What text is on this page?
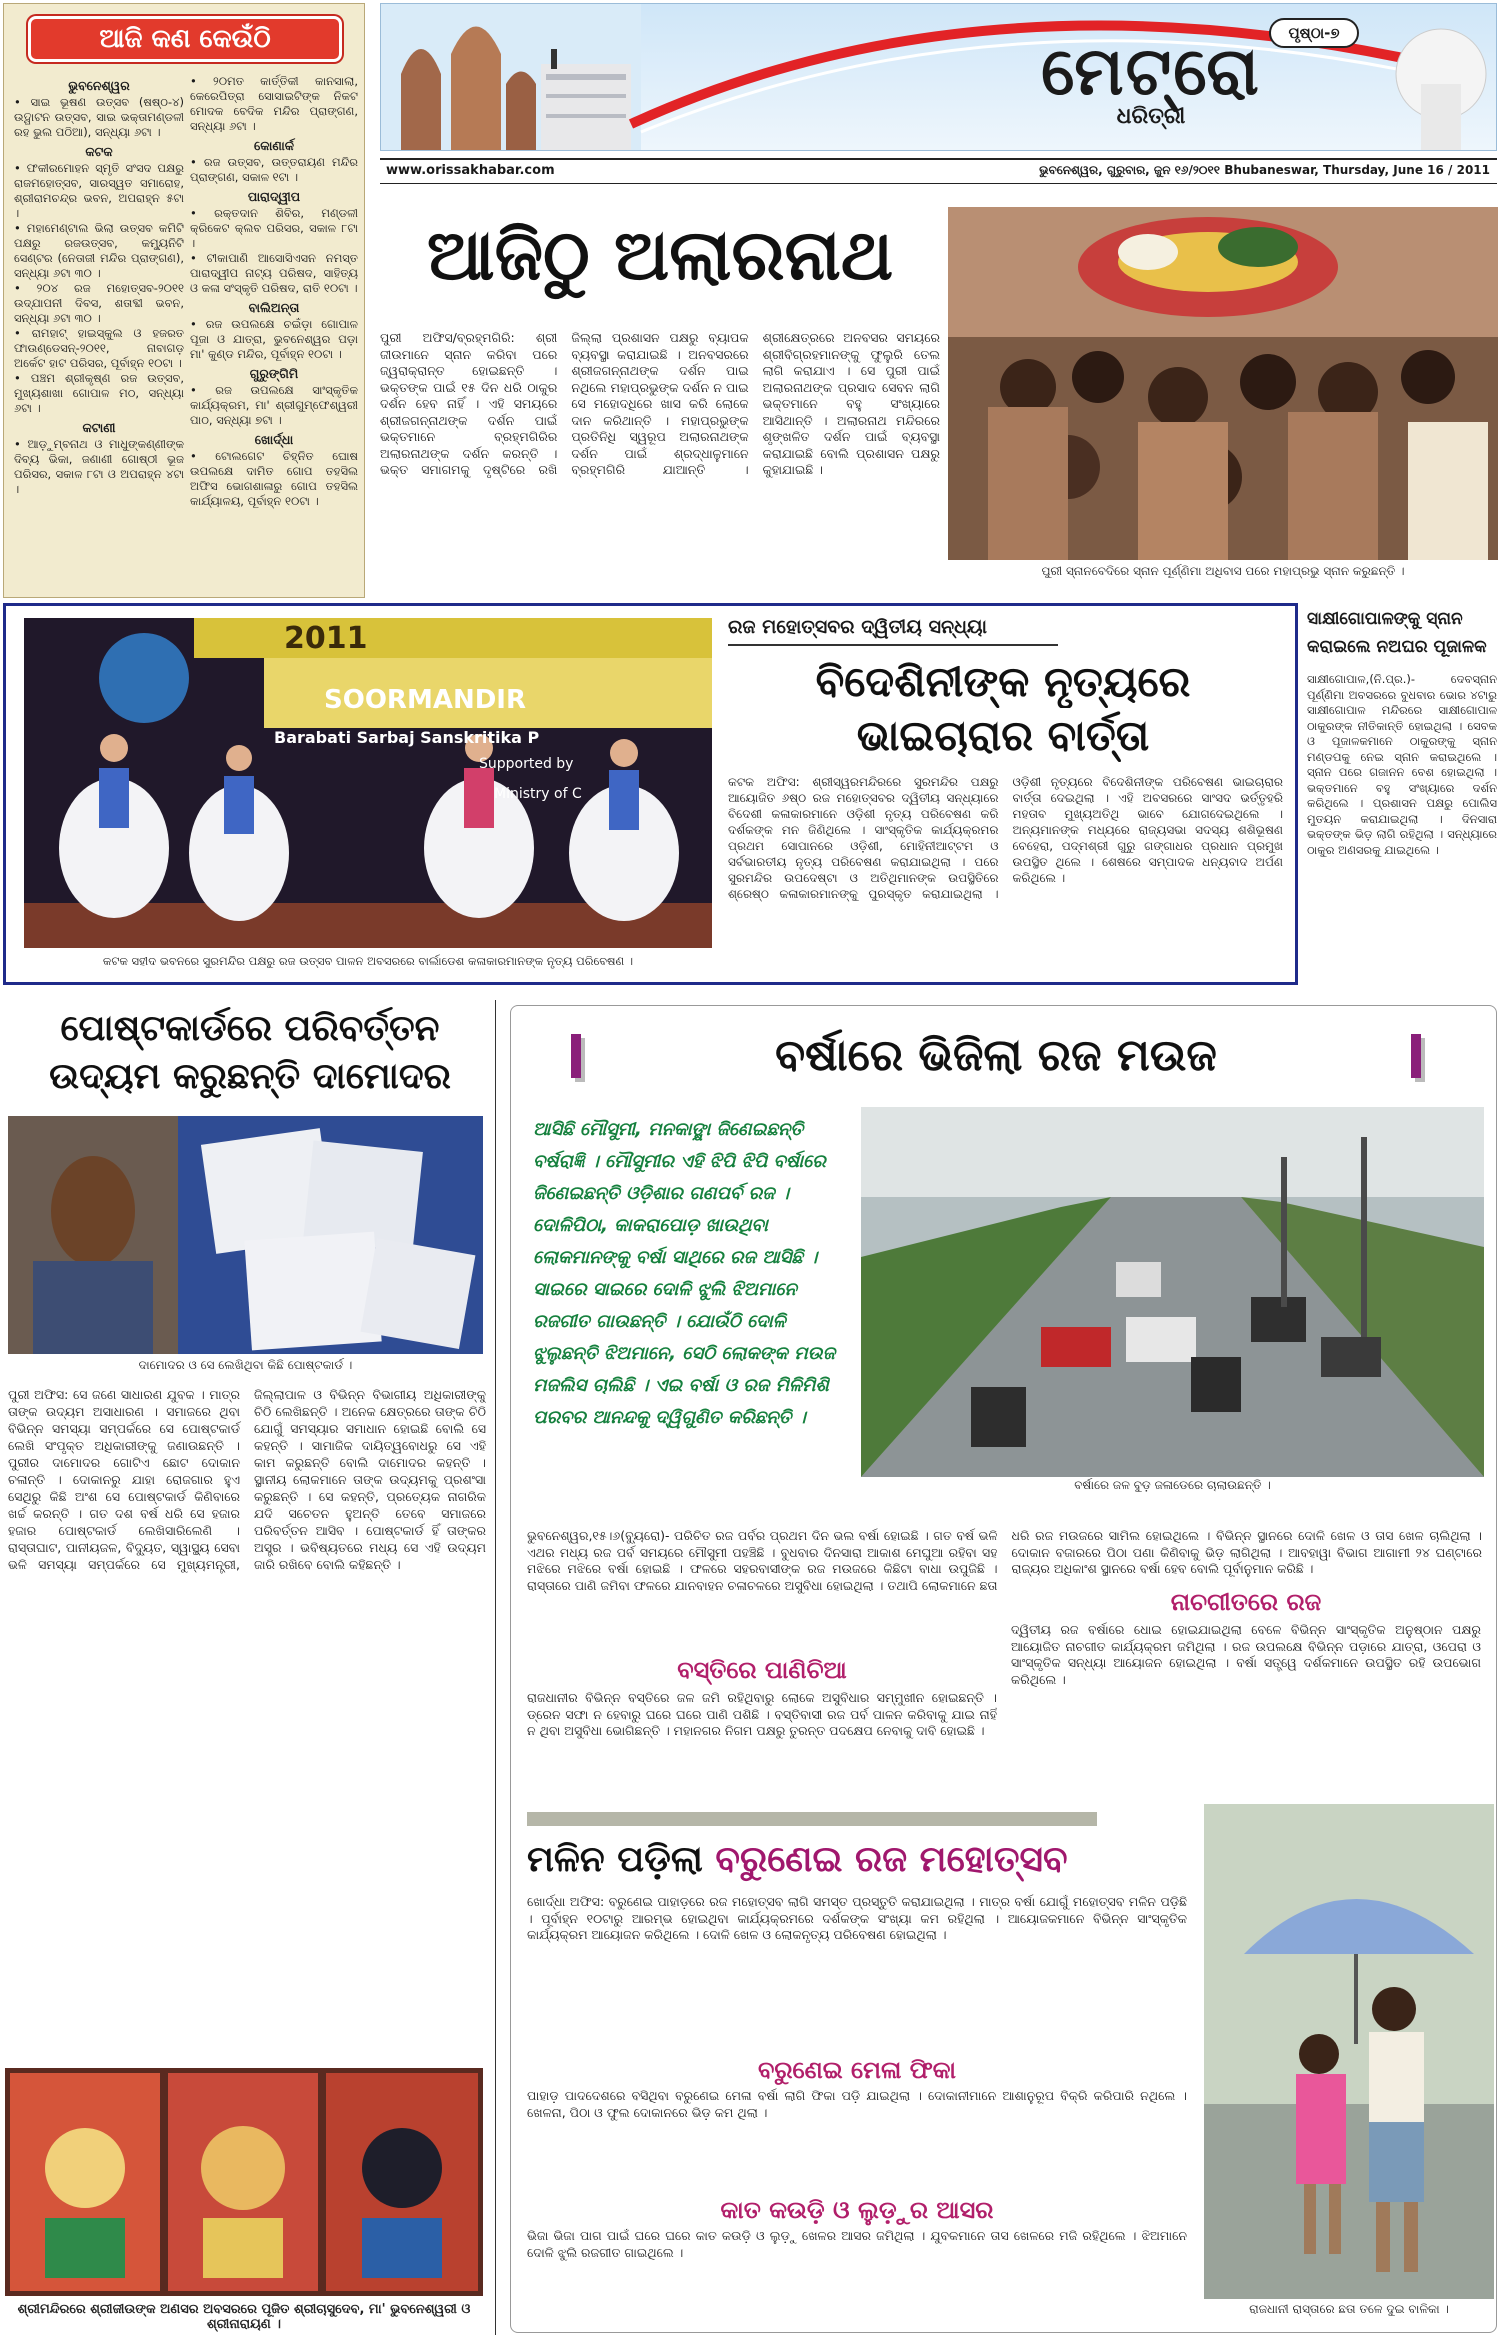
ଆଜି କଣ କେଉଁଠି
ଭୁବନେଶ୍ୱର
• ସାଇ ଭୂଷଣ ଉତ୍ସବ (ଷଷ୍ଠ-୪) ଉଦ୍ଘାଟନ ଉତ୍ସବ, ସାଇ ଭକ୍ତାମଣ୍ଡଳୀ ରହ ଭୁଲ ପଠିଆ), ସନ୍ଧ୍ୟା ୬ଟା ।
କଟକ
• ଫକୀରମୋହନ ସ୍ମୃତି ସଂସଦ ପକ୍ଷରୁ ରାଜମହୋତ୍ସବ, ସାରସ୍ୱତ ସମାରୋହ, ଶ୍ରୀରାମଚନ୍ଦ୍ର ଭବନ, ଅପରାହ୍ନ ୫ଟା ।
• ମହାମେଣ୍ଟାଲ ଭିଲା ଉତ୍ସବ କମିଟି ପକ୍ଷରୁ ରଜଉତ୍ସବ, କମ୍ୟୁନିଟି ସେଣ୍ଟର (ନେତାଜୀ ମନ୍ଦିର ପ୍ରାଙ୍ଗଣ), ସନ୍ଧ୍ୟା ୬ଟା ୩୦ ।
• ୨୦୪ ରଜ ମହୋତ୍ସବ-୨୦୧୧ ଉଦ୍ଯାପନୀ ଦିବସ, ଶତାବ୍ଦୀ ଭବନ, ସନ୍ଧ୍ୟା ୬ଟା ୩୦ ।
• ରାମହାଟ୍ ହାଇସ୍କୁଲ ଓ ହଜରତ ଫାଉଣ୍ଡେସନ୍-୨୦୧୧, ନାବାଗଡ଼ ଅର୍କେଟ ହାଟ ପରିସର, ପୂର୍ବାହ୍ନ ୧୦ଟା ।
• ପଞ୍ଚମ ଶ୍ରୀକୃଷ୍ଣ ରଜ ଉତ୍ସବ, ମୁଖ୍ୟଶାଖା ଗୋପାଳ ମଠ, ସନ୍ଧ୍ୟା ୬ଟା ।
କଟାଣୀ
• ଆଡ଼ୁମ୍ବନାଥ ଓ ମାଧୁଙ୍କଣ୍ଣୀଙ୍କ ଦିବ୍ୟ ଭିକା, ଜଣାଣୀ ଗୋଷ୍ଠୀ ଭୂଜ ପରିସର, ସକାଳ ୮ଟା ଓ ଅପରାହ୍ନ ୪ଟା ।
• ୨୦ମତ କାର୍ତ୍ତିକୀ କାନସାଲା, କେରେପିତ୍ରା ସୋସାଇଟିଙ୍କ ନିକଟ ମୋଦକ ବେଦିକ ମନ୍ଦିର ପ୍ରାଙ୍ଗଣ, ସନ୍ଧ୍ୟା ୬ଟା ।
କୋଣାର୍କ
• ରଜ ଉତ୍ସବ, ଉତ୍ତରାୟଣ ମନ୍ଦିର ପ୍ରାଙ୍ଗଣ, ସକାଳ ୧ଟା ।
ପାରାଦ୍ୱୀପ
• ରକ୍ତଦାନ ଶିବିର, ମଣ୍ଡଳୀ କ୍ରିକେଟ କ୍ଲବ ପରିସର, ସକାଳ ୮ଟା ।
• ଟୀକାପାଣି ଆସୋସିଏସନ ନମସ୍ତ ପାରାଦ୍ୱୀପ ନାଟ୍ୟ ପରିଷଦ, ସାହିତ୍ୟ ଓ କଳା ସଂସ୍କୃତି ପରିଷଦ, ରାତି ୧୦ଟା ।
ବାଲିଅନ୍ତା
• ରଜ ଉପଲକ୍ଷେ ଚଇଁଡ଼ା ଗୋପାଳ ପୂଜା ଓ ଯାତ୍ରା, ଭୁବନେଶ୍ୱର ପଡ଼ା ମା' କୁଣ୍ଡ ମନ୍ଦିର, ପୂର୍ବାହ୍ନ ୧୦ଟା ।
ଗୁରୁଙ୍ଗିମି
• ରଜ ଉପଲକ୍ଷେ ସାଂସ୍କୃତିକ କାର୍ଯ୍ୟକ୍ରମ, ମା' ଶ୍ରୀଗୁମ୍ଫେଶ୍ୱରୀ ପାଠ, ସନ୍ଧ୍ୟା ୭ଟା ।
ଖୋର୍ଦ୍ଧା
• ଟୋଲଗେଟ ଚିହ୍ନିତ ଘୋଷ ଉପଲକ୍ଷେ ଦାମିତ ଗୋପ ତହସିଲ ଅଫିସ ଭୋଗଶାଳାରୁ ଗୋପ ତହସିଲ କାର୍ଯ୍ୟାଳୟ, ପୂର୍ବାହ୍ନ ୧୦ଟା ।
ମେଟ୍ରୋ
ଧରିତ୍ରୀ
ପୃଷ୍ଠା-୭
www.orissakhabar.com	ଭୁବନେଶ୍ୱର, ଗୁରୁବାର, ଜୁନ ୧୬/୨୦୧୧ Bhubaneswar, Thursday, June 16 / 2011
ଆଜିଠୁ ଅଲାରନାଥ
ପୁରୀ ଅଫିସ/ବ୍ରହ୍ମଗିରି: ଶ୍ରୀ ଜୀଉମାନେ ସ୍ନାନ କରିବା ପରେ ଜ୍ୱରାକ୍ରାନ୍ତ ହୋଇଛନ୍ତି । ଭକ୍ତଙ୍କ ପାଇଁ ୧୫ ଦିନ ଧରି ଠାକୁର ଦର୍ଶନ ହେବ ନାହିଁ । ଏହି ସମୟରେ ଶ୍ରୀଜଗନ୍ନାଥଙ୍କ ଦର୍ଶନ ପାଇଁ ଭକ୍ତମାନେ ବ୍ରହ୍ମଗିରିର ଅଲାରନାଥଙ୍କ ଦର୍ଶନ କରନ୍ତି । ଭକ୍ତ ସମାଗମକୁ ଦୃଷ୍ଟିରେ ରଖି ଜିଲ୍ଲା ପ୍ରଶାସନ ପକ୍ଷରୁ ବ୍ୟାପକ ବ୍ୟବସ୍ଥା କରାଯାଇଛି । ଅନବସରରେ ଶ୍ରୀଜଗନ୍ନାଥଙ୍କ ଦର୍ଶନ ପାଇ ନଥିଲେ ମହାପ୍ରଭୁଙ୍କ ଦର୍ଶନ ନ ପାଇ ସେ ମହୋଦଧିରେ ଖାସ କରି ଲୋକେ ଦାନ କରିଥାନ୍ତି । ମହାପ୍ରଭୁଙ୍କ ପ୍ରତିନିଧି ସ୍ୱରୂପ ଅଲାରନାଥଙ୍କ ଦର୍ଶନ ପାଇଁ ଶ୍ରଦ୍ଧାଳୁମାନେ ବ୍ରହ୍ମଗିରି ଯାଆନ୍ତି । ଶ୍ରୀକ୍ଷେତ୍ରରେ ଅନବସର ସମୟରେ ଶ୍ରୀବିଗ୍ରହମାନଙ୍କୁ ଫୁଲୁରି ତେଲ ଲାଗି କରାଯାଏ । ସେ ପୁରୀ ପାଇଁ ଅଲାରନାଥଙ୍କ ପ୍ରସାଦ ସେବନ ଲାଗି ଭକ୍ତମାନେ ବହୁ ସଂଖ୍ୟାରେ ଆସିଥାନ୍ତି । ଅଲାରନାଥ ମନ୍ଦିରରେ ଶୃଙ୍ଖଳିତ ଦର୍ଶନ ପାଇଁ ବ୍ୟବସ୍ଥା କରାଯାଇଛି ବୋଲି ପ୍ରଶାସନ ପକ୍ଷରୁ କୁହାଯାଇଛି ।
ପୁରୀ ସ୍ନାନବେଦିରେ ସ୍ନାନ ପୂର୍ଣ୍ଣିମା ଅଧିବାସ ପରେ ମହାପ୍ରଭୁ ସ୍ନାନ କରୁଛନ୍ତି ।
2011
SOORMANDIR
Barabati Sarbaj Sanskritika P
Supported by
Ministry of C
କଟକ ସହୀଦ ଭବନରେ ସୁରମନ୍ଦିର ପକ୍ଷରୁ ରଜ ଉତ୍ସବ ପାଳନ ଅବସରରେ ବାର୍ଲାଡେଶ କଳାକାରମାନଙ୍କ ନୃତ୍ୟ ପରିବେଷଣ ।
ରଜ ମହୋତ୍ସବର ଦ୍ୱିତୀୟ ସନ୍ଧ୍ୟା
ବିଦେଶିନୀଙ୍କ ନୃତ୍ୟରେ
ଭାଇଚାରାର ବାର୍ତ୍ତା
କଟକ ଅଫିସ: ଶ୍ରୀସ୍ୱରମନ୍ଦିରରେ ସୁରମନ୍ଦିର ପକ୍ଷରୁ ଆୟୋଜିତ ୬ଷ୍ଠ ରଜ ମହୋତ୍ସବର ଦ୍ୱିତୀୟ ସନ୍ଧ୍ୟାରେ ବିଦେଶୀ କଳାକାରମାନେ ଓଡ଼ିଶୀ ନୃତ୍ୟ ପରିବେଷଣ କରି ଦର୍ଶକଙ୍କ ମନ ଜିଣିଥିଲେ । ସାଂସ୍କୃତିକ କାର୍ଯ୍ୟକ୍ରମର ପ୍ରଥମ ସୋପାନରେ ଓଡ଼ିଶୀ, ମୋହିନୀଆଟ୍ଟମ ଓ ସର୍ବଭାରତୀୟ ନୃତ୍ୟ ପରିବେଷଣ କରାଯାଇଥିଲା । ପରେ ସୁରମନ୍ଦିର ଉପଦେଷ୍ଟା ଓ ଅତିଥିମାନଙ୍କ ଉପସ୍ଥିତିରେ ଶ୍ରେଷ୍ଠ କଳାକାରମାନଙ୍କୁ ପୁରସ୍କୃତ କରାଯାଇଥିଲା । ଓଡ଼ିଶୀ ନୃତ୍ୟରେ ବିଦେଶିନୀଙ୍କ ପରିବେଷଣ ଭାଇଚାରାର ବାର୍ତ୍ତା ଦେଇଥିଲା । ଏହି ଅବସରରେ ସାଂସଦ ଭର୍ତ୍ତୃହରି ମହତାବ ମୁଖ୍ୟଅତିଥି ଭାବେ ଯୋଗଦେଇଥିଲେ । ଅନ୍ୟମାନଙ୍କ ମଧ୍ୟରେ ରାଜ୍ୟସଭା ସଦସ୍ୟ ଶଶିଭୂଷଣ ବେହେରା, ପଦ୍ମଶ୍ରୀ ଗୁରୁ ଗଙ୍ଗାଧର ପ୍ରଧାନ ପ୍ରମୁଖ ଉପସ୍ଥିତ ଥିଲେ । ଶେଷରେ ସମ୍ପାଦକ ଧନ୍ୟବାଦ ଅର୍ପଣ କରିଥିଲେ ।
ସାକ୍ଷୀଗୋପାଳଙ୍କୁ ସ୍ନାନ
କରାଇଲେ ନଅଘର ପୂଜାଳକ
ସାକ୍ଷୀଗୋପାଳ,(ନି.ପ୍ର.)- ଦେବସ୍ନାନ ପୂର୍ଣ୍ଣିମା ଅବସରରେ ବୁଧବାର ଭୋର ୪ଟାରୁ ସାକ୍ଷୀଗୋପାଳ ମନ୍ଦିରରେ ସାକ୍ଷୀଗୋପାଳ ଠାକୁରଙ୍କ ନୀତିକାନ୍ତି ହୋଇଥିଲା । ସେବକ ଓ ପୂଜାଳକମାନେ ଠାକୁରଙ୍କୁ ସ୍ନାନ ମଣ୍ଡପକୁ ନେଇ ସ୍ନାନ କରାଇଥିଲେ । ସ୍ନାନ ପରେ ଗଜାନନ ବେଶ ହୋଇଥିଲା । ଭକ୍ତମାନେ ବହୁ ସଂଖ୍ୟାରେ ଦର୍ଶନ କରିଥିଲେ । ପ୍ରଶାସନ ପକ୍ଷରୁ ପୋଲିସ ମୁତୟନ କରାଯାଇଥିଲା । ଦିନସାରା ଭକ୍ତଙ୍କ ଭିଡ଼ ଲାଗି ରହିଥିଲା । ସନ୍ଧ୍ୟାରେ ଠାକୁର ଅଣସରକୁ ଯାଇଥିଲେ ।
ପୋଷ୍ଟକାର୍ଡରେ ପରିବର୍ତ୍ତନ
ଉଦ୍ୟମ କରୁଛନ୍ତି ଦାମୋଦର
ଦାମୋଦର ଓ ସେ ଲେଖିଥିବା କିଛି ପୋଷ୍ଟକାର୍ଡ ।
ପୁରୀ ଅଫିସ: ସେ ଜଣେ ସାଧାରଣ ଯୁବକ । ମାତ୍ର ତାଙ୍କ ଉଦ୍ୟମ ଅସାଧାରଣ । ସମାଜରେ ଥିବା ବିଭିନ୍ନ ସମସ୍ୟା ସମ୍ପର୍କରେ ସେ ପୋଷ୍ଟକାର୍ଡ ଲେଖି ସଂପୃକ୍ତ ଅଧିକାରୀଙ୍କୁ ଜଣାଉଛନ୍ତି । ପୁରୀର ଦାମୋଦର ଗୋଟିଏ ଛୋଟ ଦୋକାନ ଚଳାନ୍ତି । ଦୋକାନରୁ ଯାହା ରୋଜଗାର ହୁଏ ସେଥିରୁ କିଛି ଅଂଶ ସେ ପୋଷ୍ଟକାର୍ଡ କିଣିବାରେ ଖର୍ଚ୍ଚ କରନ୍ତି । ଗତ ଦଶ ବର୍ଷ ଧରି ସେ ହଜାର ହଜାର ପୋଷ୍ଟକାର୍ଡ ଲେଖିସାରିଲେଣି । ରାସ୍ତାଘାଟ, ପାନୀୟଜଳ, ବିଦ୍ୟୁତ, ସ୍ୱାସ୍ଥ୍ୟ ସେବା ଭଳି ସମସ୍ୟା ସମ୍ପର୍କରେ ସେ ମୁଖ୍ୟମନ୍ତ୍ରୀ, ଜିଲ୍ଲାପାଳ ଓ ବିଭିନ୍ନ ବିଭାଗୀୟ ଅଧିକାରୀଙ୍କୁ ଚିଠି ଲେଖିଛନ୍ତି । ଅନେକ କ୍ଷେତ୍ରରେ ତାଙ୍କ ଚିଠି ଯୋଗୁଁ ସମସ୍ୟାର ସମାଧାନ ହୋଇଛି ବୋଲି ସେ କହନ୍ତି । ସାମାଜିକ ଦାୟିତ୍ୱବୋଧରୁ ସେ ଏହି କାମ କରୁଛନ୍ତି ବୋଲି ଦାମୋଦର କହନ୍ତି । ସ୍ଥାନୀୟ ଲୋକମାନେ ତାଙ୍କ ଉଦ୍ୟମକୁ ପ୍ରଶଂସା କରୁଛନ୍ତି । ସେ କହନ୍ତି, ପ୍ରତ୍ୟେକ ନାଗରିକ ଯଦି ସଚେତନ ହୁଅନ୍ତି ତେବେ ସମାଜରେ ପରିବର୍ତ୍ତନ ଆସିବ । ପୋଷ୍ଟକାର୍ଡ ହିଁ ତାଙ୍କର ଅସ୍ତ୍ର । ଭବିଷ୍ୟତରେ ମଧ୍ୟ ସେ ଏହି ଉଦ୍ୟମ ଜାରି ରଖିବେ ବୋଲି କହିଛନ୍ତି ।
ଶ୍ରୀମନ୍ଦିରରେ ଶ୍ରୀଜୀଉଙ୍କ ଅଣସର ଅବସରରେ ପୂଜିତ ଶ୍ରୀଚାସୁଦେବ, ମା' ଭୁବନେଶ୍ୱରୀ ଓ ଶ୍ରୀନାରାୟଣ ।
ବର୍ଷାରେ ଭିଜିଲା ରଜ ମଉଜ
ଆସିଛି ମୌସୁମୀ, ମନକାଙ୍କ୍ଷା ଜିଣେଇଛନ୍ତି ବର୍ଷରାଜ୍ଞି । ମୌସୁମୀର ଏହି ଝିପି ଝିପି ବର୍ଷାରେ ଜିଣେଇଛନ୍ତି ଓଡ଼ିଶାର ଗଣପର୍ବ ରଜ । ଦୋଳିପିଠା, କାକରାପୋଡ଼ ଖାଉଥିବା ଲୋକମାନଙ୍କୁ ବର୍ଷା ସାଥିରେ ରଜ ଆସିଛି । ସାଇରେ ସାଇରେ ଦୋଳି ଝୁଲି ଝିଅମାନେ ରଜଗୀତ ଗାଉଛନ୍ତି । ଯୋଉଁଠି ଦୋଳି ଝୁଲୁଛନ୍ତି ଝିଅମାନେ, ସେଠି ଲୋକଙ୍କ ମଉଜ ମଜଲିସ ଚାଲିଛି । ଏଇ ବର୍ଷା ଓ ରଜ ମିଳିମିଶି ପରବର ଆନନ୍ଦକୁ ଦ୍ୱିଗୁଣିତ କରିଛନ୍ତି ।
ବର୍ଷାରେ ଜଳ ବୁଡ଼ ଜଳାଡେରେ ଚାଲାଉଛନ୍ତି ।
ଭୁବନେଶ୍ୱର,୧୫।୬(ବ୍ୟୁରୋ)- ପରିଚିତ ରଜ ପର୍ବର ପ୍ରଥମ ଦିନ ଭଲ ବର୍ଷା ହୋଇଛି । ଗତ ବର୍ଷ ଭଳି ଏଥର ମଧ୍ୟ ରଜ ପର୍ବ ସମୟରେ ମୌସୁମୀ ପହଞ୍ଚିଛି । ବୁଧବାର ଦିନସାରା ଆକାଶ ମେଘୁଆ ରହିବା ସହ ମଝିରେ ମଝିରେ ବର୍ଷା ହୋଇଛି । ଫଳରେ ସହରବାସୀଙ୍କ ରଜ ମଉଜରେ କିଛିଟା ବାଧା ଉପୁଜିଛି । ରାସ୍ତାରେ ପାଣି ଜମିବା ଫଳରେ ଯାନବାହନ ଚଳାଚଳରେ ଅସୁବିଧା ହୋଇଥିଲା । ତଥାପି ଲୋକମାନେ ଛତା ଧରି ରଜ ମଉଜରେ ସାମିଲ ହୋଇଥିଲେ । ବିଭିନ୍ନ ସ୍ଥାନରେ ଦୋଳି ଖେଳ ଓ ତାସ ଖେଳ ଚାଲିଥିଲା । ଦୋକାନ ବଜାରରେ ପିଠା ପଣା କିଣିବାକୁ ଭିଡ଼ ଲାଗିଥିଲା । ଆବହାୱା ବିଭାଗ ଆଗାମୀ ୨୪ ଘଣ୍ଟାରେ ରାଜ୍ୟର ଅଧିକାଂଶ ସ୍ଥାନରେ ବର୍ଷା ହେବ ବୋଲି ପୂର୍ବାନୁମାନ କରିଛି ।
ବସ୍ତିରେ ପାଣିଚିଆ
ରାଜଧାନୀର ବିଭିନ୍ନ ବସ୍ତିରେ ଜଳ ଜମି ରହିଥିବାରୁ ଲୋକେ ଅସୁବିଧାର ସମ୍ମୁଖୀନ ହୋଇଛନ୍ତି । ଡ୍ରେନ ସଫା ନ ହେବାରୁ ଘରେ ଘରେ ପାଣି ପଶିଛି । ବସ୍ତିବାସୀ ରଜ ପର୍ବ ପାଳନ କରିବାକୁ ଯାଇ ନାହିଁ ନ ଥିବା ଅସୁବିଧା ଭୋଗିଛନ୍ତି । ମହାନଗର ନିଗମ ପକ୍ଷରୁ ତୁରନ୍ତ ପଦକ୍ଷେପ ନେବାକୁ ଦାବି ହୋଇଛି ।
ନାଚଗୀତରେ ରଜ
ଦ୍ୱିତୀୟ ରଜ ବର୍ଷାରେ ଧୋଇ ହୋଇଯାଇଥିଲା ବେଳେ ବିଭିନ୍ନ ସାଂସ୍କୃତିକ ଅନୁଷ୍ଠାନ ପକ୍ଷରୁ ଆୟୋଜିତ ନାଚଗୀତ କାର୍ଯ୍ୟକ୍ରମ ଜମିଥିଲା । ରଜ ଉପଲକ୍ଷେ ବିଭିନ୍ନ ପଡ଼ାରେ ଯାତ୍ରା, ଓପେରା ଓ ସାଂସ୍କୃତିକ ସନ୍ଧ୍ୟା ଆୟୋଜନ ହୋଇଥିଲା । ବର୍ଷା ସତ୍ତ୍ୱେ ଦର୍ଶକମାନେ ଉପସ୍ଥିତ ରହି ଉପଭୋଗ କରିଥିଲେ ।
ମଳିନ ପଡ଼ିଲା ବରୁଣେଇ ରଜ ମହୋତ୍ସବ
ଖୋର୍ଦ୍ଧା ଅଫିସ: ବରୁଣେଇ ପାହାଡ଼ରେ ରଜ ମହୋତ୍ସବ ଲାଗି ସମସ୍ତ ପ୍ରସ୍ତୁତି କରାଯାଇଥିଲା । ମାତ୍ର ବର୍ଷା ଯୋଗୁଁ ମହୋତ୍ସବ ମଳିନ ପଡ଼ିଛି । ପୂର୍ବାହ୍ନ ୧୦ଟାରୁ ଆରମ୍ଭ ହୋଇଥିବା କାର୍ଯ୍ୟକ୍ରମରେ ଦର୍ଶକଙ୍କ ସଂଖ୍ୟା କମ ରହିଥିଲା । ଆୟୋଜକମାନେ ବିଭିନ୍ନ ସାଂସ୍କୃତିକ କାର୍ଯ୍ୟକ୍ରମ ଆୟୋଜନ କରିଥିଲେ । ଦୋଳି ଖେଳ ଓ ଲୋକନୃତ୍ୟ ପରିବେଷଣ ହୋଇଥିଲା ।
ବରୁଣେଇ ମେଳା ଫିକା
ପାହାଡ଼ ପାଦଦେଶରେ ବସିଥିବା ବରୁଣେଇ ମେଳା ବର୍ଷା ଲାଗି ଫିକା ପଡ଼ି ଯାଇଥିଲା । ଦୋକାନୀମାନେ ଆଶାନୁରୂପ ବିକ୍ରି କରିପାରି ନଥିଲେ । ଖେଳନା, ପିଠା ଓ ଫୁଲ ଦୋକାନରେ ଭିଡ଼ କମ ଥିଲା ।
କାତ କଉଡ଼ି ଓ ଲୁଡ଼ୁର ଆସର
ଭିଜା ଭିଜା ପାଗ ପାଇଁ ଘରେ ଘରେ କାତ କଉଡ଼ି ଓ ଲୁଡ଼ୁ ଖେଳର ଆସର ଜମିଥିଲା । ଯୁବକମାନେ ତାସ ଖେଳରେ ମଜି ରହିଥିଲେ । ଝିଅମାନେ ଦୋଳି ଝୁଲି ରଜଗୀତ ଗାଇଥିଲେ ।
ରାଜଧାନୀ ରାସ୍ତାରେ ଛତା ତଳେ ଦୁଇ ବାଳିକା ।
